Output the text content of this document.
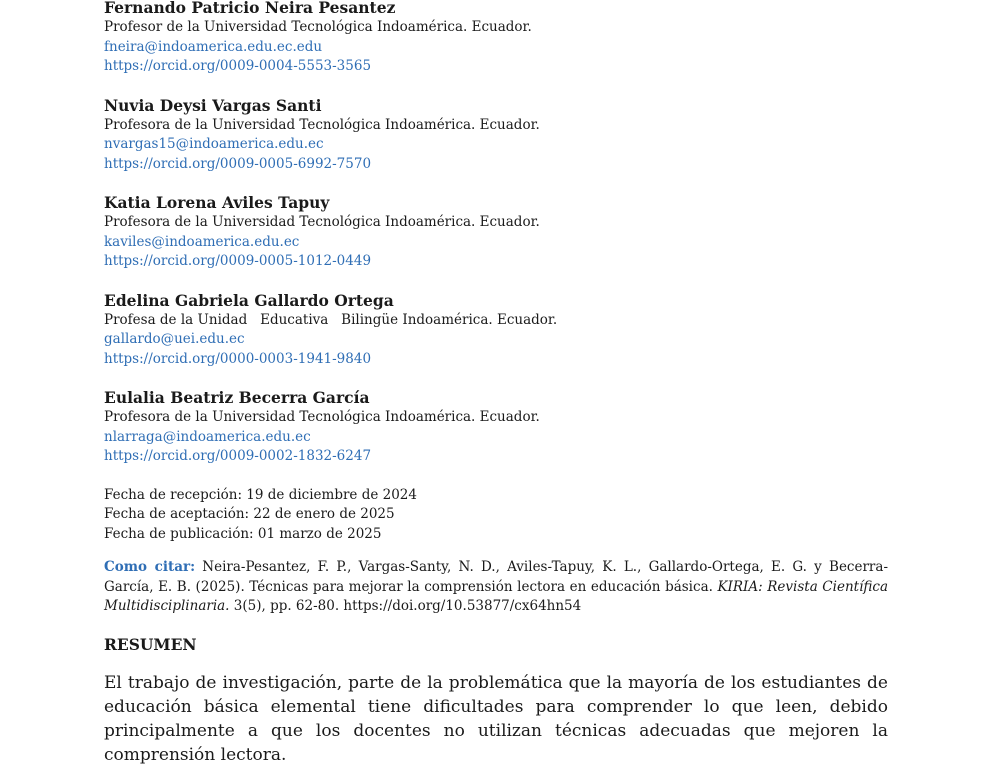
Fernando Patricio Neira Pesantez
Profesor de la Universidad Tecnológica Indoamérica. Ecuador.
fneira@indoamerica.edu.ec.edu
https://orcid.org/0009-0004-5553-3565
Nuvia Deysi Vargas Santi
Profesora de la Universidad Tecnológica Indoamérica. Ecuador.
nvargas15@indoamerica.edu.ec
https://orcid.org/0009-0005-6992-7570
Katia Lorena Aviles Tapuy
Profesora de la Universidad Tecnológica Indoamérica. Ecuador.
kaviles@indoamerica.edu.ec
https://orcid.org/0009-0005-1012-0449
Edelina Gabriela Gallardo Ortega
Profesa de la Unidad   Educativa   Bilingüe Indoamérica. Ecuador.
gallardo@uei.edu.ec
https://orcid.org/0000-0003-1941-9840
Eulalia Beatriz Becerra García
Profesora de la Universidad Tecnológica Indoamérica. Ecuador.
nlarraga@indoamerica.edu.ec
https://orcid.org/0009-0002-1832-6247
Fecha de recepción: 19 de diciembre de 2024
Fecha de aceptación: 22 de enero de 2025
Fecha de publicación: 01 marzo de 2025
Como citar: Neira-Pesantez, F. P., Vargas-Santy, N. D., Aviles-Tapuy, K. L., Gallardo-Ortega, E. G. y Becerra-García, E. B. (2025). Técnicas para mejorar la comprensión lectora en educación básica. KIRIA: Revista Científica Multidisciplinaria. 3(5), pp. 62-80. https://doi.org/10.53877/cx64hn54
RESUMEN
El trabajo de investigación, parte de la problemática que la mayoría de los estudiantes de educación básica elemental tiene dificultades para comprender lo que leen, debido principalmente a que los docentes no utilizan técnicas adecuadas que mejoren la comprensión lectora.
